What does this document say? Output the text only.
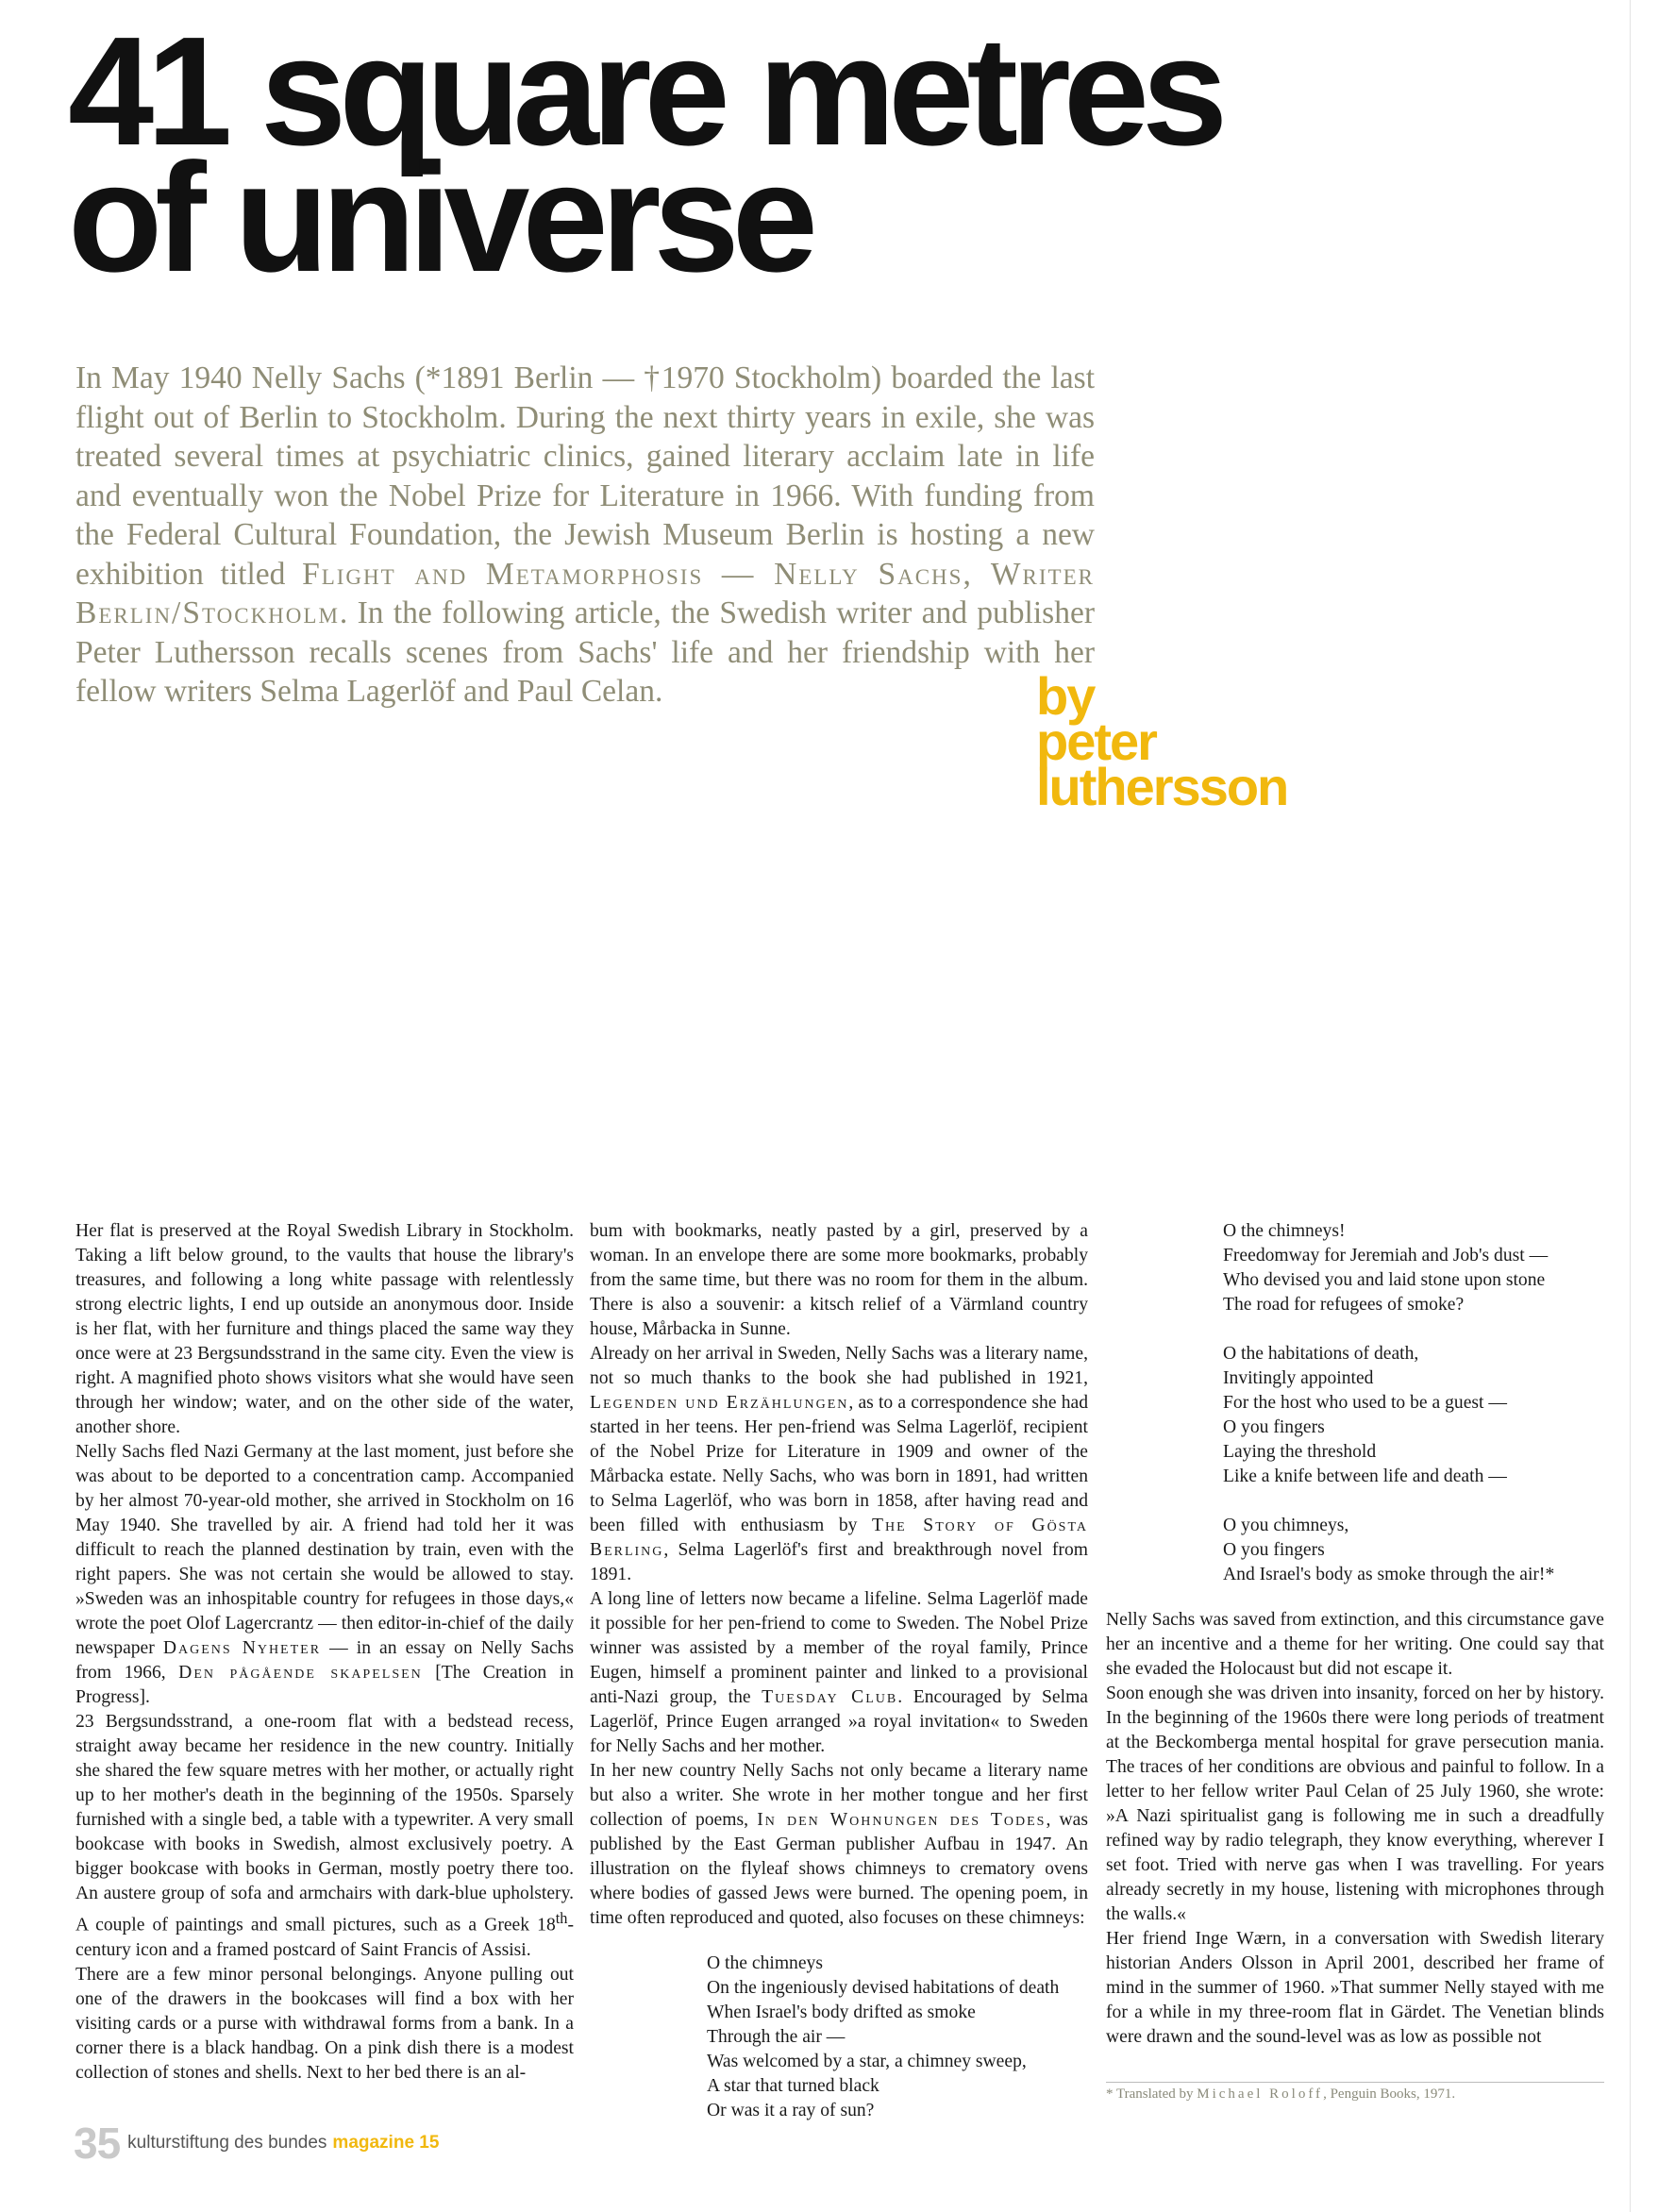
41 square metres
of universe

In May 1940 Nelly Sachs (*1891 Berlin — †1970 Stockholm) boarded the last flight out of Berlin to Stockholm. During the next thirty years in exile, she was treated several times at psychiatric clinics, gained literary acclaim late in life and eventually won the Nobel Prize for Literature in 1966. With funding from the Federal Cultural Foundation, the Jewish Museum Berlin is hosting a new exhibition titled Flight and Metamorphosis — Nelly Sachs, Writer Berlin/Stockholm. In the following article, the Swedish writer and publisher Peter Luthersson recalls scenes from Sachs' life and her friendship with her fellow writers Selma Lagerlöf and Paul Celan.	by
peter
luthersson

Her flat is preserved at the Royal Swedish Library in Stockholm. Taking a lift below ground, to the vaults that house the library's treasures, and following a long white passage with relentlessly strong electric lights, I end up outside an anonymous door. Inside is her flat, with her furniture and things placed the same way they once were at 23 Bergsundsstrand in the same city. Even the view is right. A magnified photo shows visitors what she would have seen through her window; water, and on the other side of the water, another shore.

Nelly Sachs fled Nazi Germany at the last moment, just before she was about to be deported to a concentration camp. Accompanied by her almost 70-year-old mother, she arrived in Stockholm on 16 May 1940. She travelled by air. A friend had told her it was difficult to reach the planned destination by train, even with the right papers. She was not certain she would be allowed to stay. »Sweden was an inhospitable country for refugees in those days,« wrote the poet Olof Lagercrantz — then editor-in-chief of the daily newspaper Dagens Nyheter — in an essay on Nelly Sachs from 1966, Den pågående skapelsen [The Creation in Progress].

23 Bergsundsstrand, a one-room flat with a bedstead recess, straight away became her residence in the new country. Initially she shared the few square metres with her mother, or actually right up to her mother's death in the beginning of the 1950s. Sparsely furnished with a single bed, a table with a typewriter. A very small bookcase with books in Swedish, almost exclusively poetry. A bigger bookcase with books in German, mostly poetry there too. An austere group of sofa and armchairs with dark-blue upholstery. A couple of paintings and small pictures, such as a Greek 18th-century icon and a framed postcard of Saint Francis of Assisi.

There are a few minor personal belongings. Anyone pulling out one of the drawers in the bookcases will find a box with her visiting cards or a purse with withdrawal forms from a bank. In a corner there is a black handbag. On a pink dish there is a modest collection of stones and shells. Next to her bed there is an al-

bum with bookmarks, neatly pasted by a girl, preserved by a woman. In an envelope there are some more bookmarks, probably from the same time, but there was no room for them in the album. There is also a souvenir: a kitsch relief of a Värmland country house, Mårbacka in Sunne.

Already on her arrival in Sweden, Nelly Sachs was a literary name, not so much thanks to the book she had published in 1921, Legenden und Erzählungen, as to a correspondence she had started in her teens. Her pen-friend was Selma Lagerlöf, recipient of the Nobel Prize for Literature in 1909 and owner of the Mårbacka estate. Nelly Sachs, who was born in 1891, had written to Selma Lagerlöf, who was born in 1858, after having read and been filled with enthusiasm by The Story of Gösta Berling, Selma Lagerlöf's first and breakthrough novel from 1891.

A long line of letters now became a lifeline. Selma Lagerlöf made it possible for her pen-friend to come to Sweden. The Nobel Prize winner was assisted by a member of the royal family, Prince Eugen, himself a prominent painter and linked to a provisional anti-Nazi group, the Tuesday Club. Encouraged by Selma Lagerlöf, Prince Eugen arranged »a royal invitation« to Sweden for Nelly Sachs and her mother.

In her new country Nelly Sachs not only became a literary name but also a writer. She wrote in her mother tongue and her first collection of poems, In den Wohnungen des Todes, was published by the East German publisher Aufbau in 1947. An illustration on the flyleaf shows chimneys to crematory ovens where bodies of gassed Jews were burned. The opening poem, in time often reproduced and quoted, also focuses on these chimneys:

O the chimneys
On the ingeniously devised habitations of death
When Israel's body drifted as smoke
Through the air —
Was welcomed by a star, a chimney sweep,
A star that turned black
Or was it a ray of sun?
O the chimneys!
Freedomway for Jeremiah and Job's dust —
Who devised you and laid stone upon stone
The road for refugees of smoke?
O the habitations of death,
Invitingly appointed
For the host who used to be a guest —
O you fingers
Laying the threshold
Like a knife between life and death —
O you chimneys,
O you fingers
And Israel's body as smoke through the air!*

Nelly Sachs was saved from extinction, and this circumstance gave her an incentive and a theme for her writing. One could say that she evaded the Holocaust but did not escape it.

Soon enough she was driven into insanity, forced on her by history. In the beginning of the 1960s there were long periods of treatment at the Beckomberga mental hospital for grave persecution mania. The traces of her conditions are obvious and painful to follow. In a letter to her fellow writer Paul Celan of 25 July 1960, she wrote: »A Nazi spiritualist gang is following me in such a dreadfully refined way by radio telegraph, they know everything, wherever I set foot. Tried with nerve gas when I was travelling. For years already secretly in my house, listening with microphones through the walls.«

Her friend Inge Wærn, in a conversation with Swedish literary historian Anders Olsson in April 2001, described her frame of mind in the summer of 1960. »That summer Nelly stayed with me for a while in my three-room flat in Gärdet. The Venetian blinds were drawn and the sound-level was as low as possible not

* Translated by Michael Roloff, Penguin Books, 1971.
35 kulturstiftung des bundes magazine 15
